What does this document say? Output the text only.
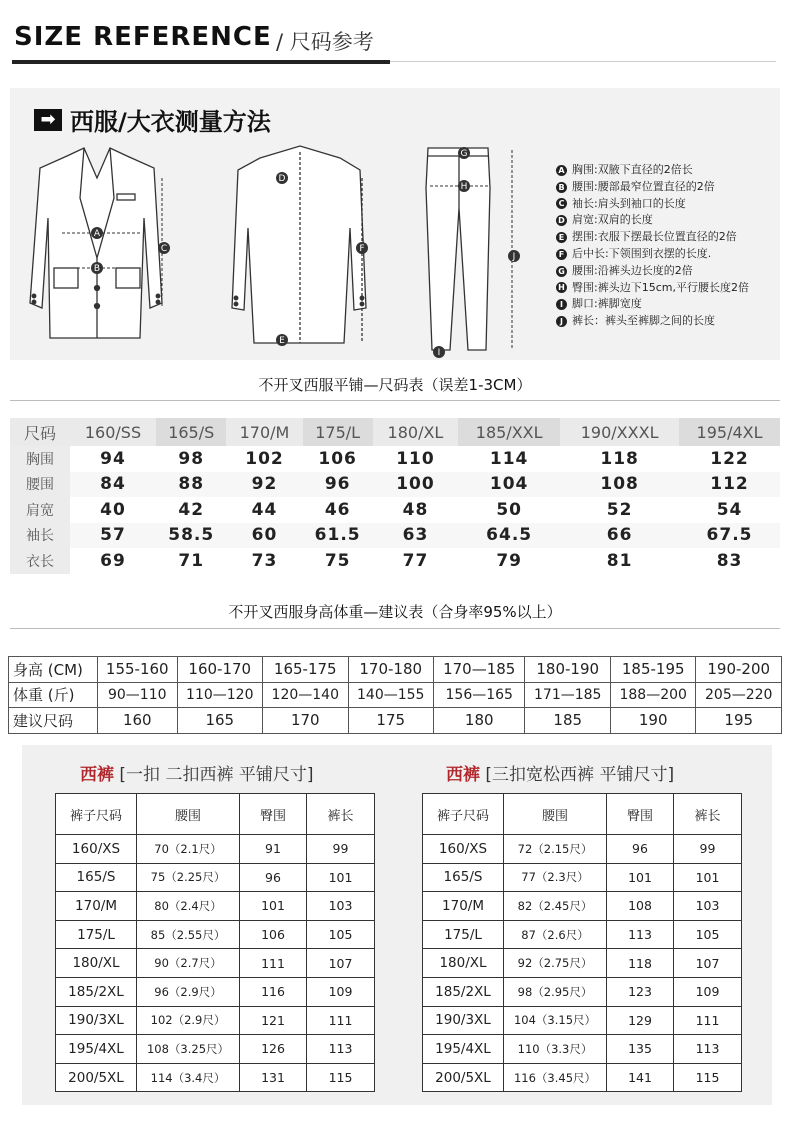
SIZE REFERENCE / 尺码参考
➡ 西服/大衣测量方法
A
B
C
D
E
F
G
H
I
J
A 胸围:双腋下直径的2倍长
B 腰围:腰部最窄位置直径的2倍
C 袖长:肩头到袖口的长度
D 肩宽:双肩的长度
E 摆围:衣服下摆最长位置直径的2倍
F 后中长:下领围到衣摆的长度.
G 腰围:沿裤头边长度的2倍
H 臀围:裤头边下15cm,平行腰长度2倍
I 脚口:裤脚宽度
J 裤长：裤头至裤脚之间的长度
不开叉西服平铺—尺码表（误差1-3CM）
尺码	160/SS	165/S	170/M	175/L	180/XL	185/XXL	190/XXXL	195/4XL
胸围	94	98	102	106	110	114	118	122
腰围	84	88	92	96	100	104	108	112
肩宽	40	42	44	46	48	50	52	54
袖长	57	58.5	60	61.5	63	64.5	66	67.5
衣长	69	71	73	75	77	79	81	83
不开叉西服身高体重—建议表（合身率95%以上）
身高 (CM)	155-160	160-170	165-175	170-180	170—185	180-190	185-195	190-200
体重 (斤)	90—110	110—120	120—140	140—155	156—165	171—185	188—200	205—220
建议尺码	160	165	170	175	180	185	190	195
西裤 [一扣 二扣西裤 平铺尺寸]	西裤 [三扣宽松西裤 平铺尺寸]
裤子尺码	腰围	臀围	裤长
160/XS	70（2.1尺）	91	99
165/S	75（2.25尺）	96	101
170/M	80（2.4尺）	101	103
175/L	85（2.55尺）	106	105
180/XL	90（2.7尺）	111	107
185/2XL	96（2.9尺）	116	109
190/3XL	102（2.9尺）	121	111
195/4XL	108（3.25尺）	126	113
200/5XL	114（3.4尺）	131	115
裤子尺码	腰围	臀围	裤长
160/XS	72（2.15尺）	96	99
165/S	77（2.3尺）	101	101
170/M	82（2.45尺）	108	103
175/L	87（2.6尺）	113	105
180/XL	92（2.75尺）	118	107
185/2XL	98（2.95尺）	123	109
190/3XL	104（3.15尺）	129	111
195/4XL	110（3.3尺）	135	113
200/5XL	116（3.45尺）	141	115
